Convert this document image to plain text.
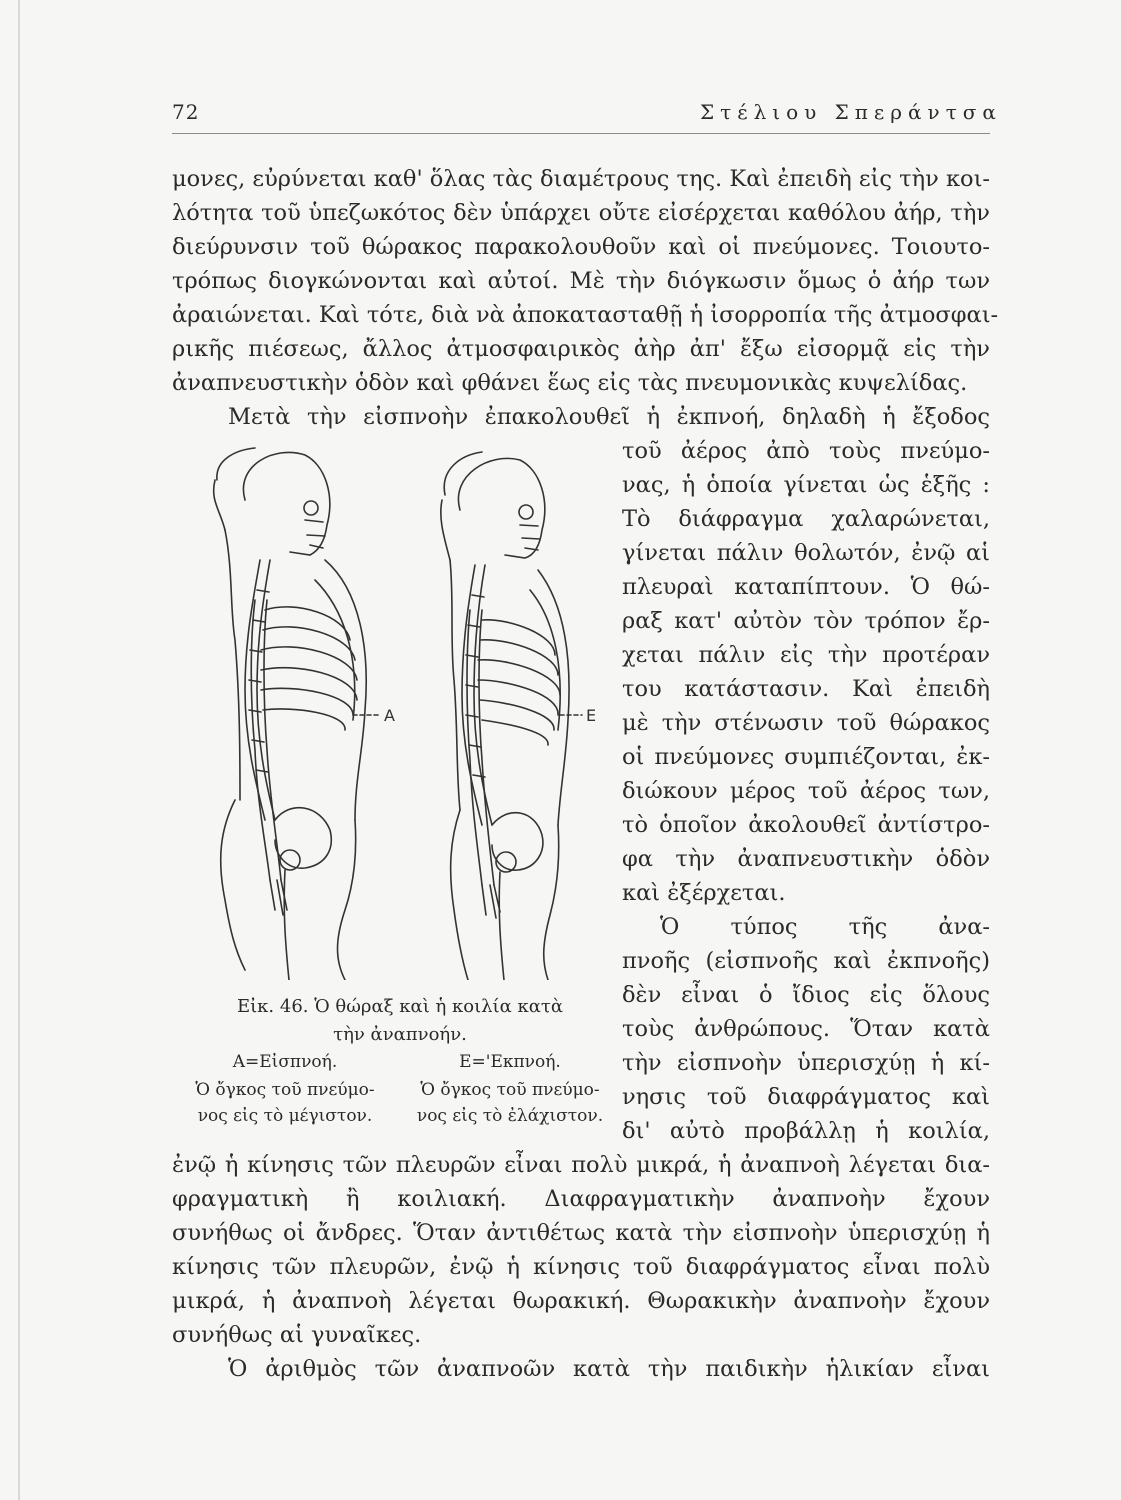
72	Στέλιου Σπεράντσα
μονες, εὐρύνεται καθ' ὅλας τὰς διαμέτρους της. Καὶ ἐπειδὴ εἰς τὴν κοι-
λότητα τοῦ ὑπεζωκότος δὲν ὑπάρχει οὔτε εἰσέρχεται καθόλου ἀήρ, τὴν
διεύρυνσιν τοῦ θώρακος παρακολουθοῦν καὶ οἱ πνεύμονες. Τοιουτο-
τρόπως διογκώνονται καὶ αὐτοί. Μὲ τὴν διόγκωσιν ὅμως ὁ ἀήρ των
ἀραιώνεται. Καὶ τότε, διὰ νὰ ἀποκατασταθῇ ἡ ἰσορροπία τῆς ἀτμοσφαι-
ρικῆς πιέσεως, ἄλλος ἀτμοσφαιρικὸς ἀὴρ ἀπ' ἔξω εἰσορμᾷ εἰς τὴν
ἀναπνευστικὴν ὁδὸν καὶ φθάνει ἕως εἰς τὰς πνευμονικὰς κυψελίδας.
Μετὰ τὴν εἰσπνοὴν ἐπακολουθεῖ ἡ ἐκπνοή, δηλαδὴ ἡ ἔξοδος
τοῦ ἀέρος ἀπὸ τοὺς πνεύμο-
νας, ἡ ὁποία γίνεται ὡς ἑξῆς :
Τὸ διάφραγμα χαλαρώνεται,
γίνεται πάλιν θολωτόν, ἐνῷ αἱ
πλευραὶ καταπίπτουν. Ὁ θώ-
ραξ κατ' αὐτὸν τὸν τρόπον ἔρ-
χεται πάλιν εἰς τὴν προτέραν
του κατάστασιν. Καὶ ἐπειδὴ
μὲ τὴν στένωσιν τοῦ θώρακος
οἱ πνεύμονες συμπιέζονται, ἐκ-
διώκουν μέρος τοῦ ἀέρος των,
τὸ ὁποῖον ἀκολουθεῖ ἀντίστρο-
φα τὴν ἀναπνευστικὴν ὁδὸν
καὶ ἐξέρχεται.
Ὁ τύπος τῆς ἀνα-
πνοῆς (εἰσπνοῆς καὶ ἐκπνοῆς)
δὲν εἶναι ὁ ἴδιος εἰς ὅλους
τοὺς ἀνθρώπους. Ὅταν κατὰ
τὴν εἰσπνοὴν ὑπερισχύῃ ἡ κί-
νησις τοῦ διαφράγματος καὶ
δι' αὐτὸ προβάλλῃ ἡ κοιλία,
ἐνῷ ἡ κίνησις τῶν πλευρῶν εἶναι πολὺ μικρά, ἡ ἀναπνοὴ λέγεται δια-
φραγματικὴ ἢ κοιλιακή. Διαφραγματικὴν ἀναπνοὴν ἔχουν
συνήθως οἱ ἄνδρες. Ὅταν ἀντιθέτως κατὰ τὴν εἰσπνοὴν ὑπερισχύῃ ἡ
κίνησις τῶν πλευρῶν, ἐνῷ ἡ κίνησις τοῦ διαφράγματος εἶναι πολὺ
μικρά, ἡ ἀναπνοὴ λέγεται θωρακική. Θωρακικὴν ἀναπνοὴν ἔχουν
συνήθως αἱ γυναῖκες.
Ὁ ἀριθμὸς τῶν ἀναπνοῶν κατὰ τὴν παιδικὴν ἡλικίαν εἶναι
A	E
Εἰκ. 46. Ὁ θώραξ καὶ ἡ κοιλία κατὰ
τὴν ἀναπνοήν.
A=Εἰσπνοή.	E='Εκπνοή.
Ὁ ὄγκος τοῦ πνεύμο-	Ὁ ὄγκος τοῦ πνεύμο-
νος εἰς τὸ μέγιστον.	νος εἰς τὸ ἐλάχιστον.
